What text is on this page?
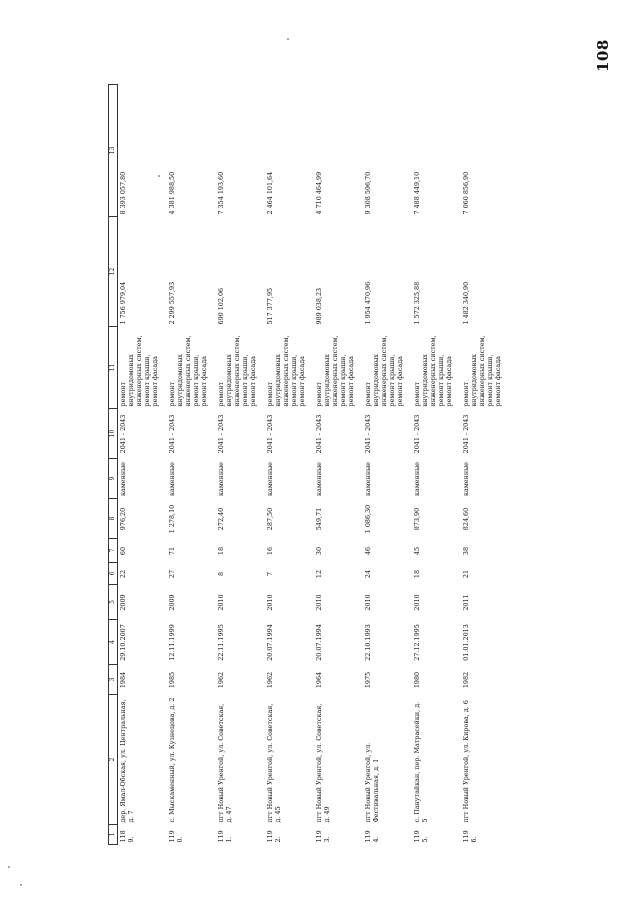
108
1	2	3	4	5	6	7	8	9	10	11	12	13
1189.	дер. Ямал-Обская, ул. Центральная, д. 7	1984	29.10.2007	2009	22	60	976,20	каменные	2041 - 2043	ремонт внутридомовых инженерных систем, ремонт крыши, ремонт фасада	1 756 979,04	8 393 057,80
1190.	с. Мыскаменный, ул. Кузнецова, д. 2	1985	12.11.1999	2009	27	71	1 278,10	каменные	2041 - 2043	ремонт внутридомовых инженерных систем, ремонт крыши, ремонт фасада	2 299 557,93	4 381 988,50
1191.	пгт Новый Уренгой, ул. Советская, д. 47	1962	22.11.1995	2010	8	18	272,40	каменные	2041 - 2043	ремонт внутридомовых инженерных систем, ремонт крыши, ремонт фасада	690 102,06	7 354 193,60
1192.	пгт Новый Уренгой, ул. Советская, д. 45	1962	20.07.1994	2010	7	16	287,50	каменные	2041 - 2043	ремонт внутридомовых инженерных систем, ремонт крыши, ремонт фасада	517 377,95	2 464 101,64
1193.	пгт Новый Уренгой, ул. Советская, д. 49	1964	20.07.1994	2010	12	30	549,71	каменные	2041 - 2043	ремонт внутридомовых инженерных систем, ремонт крыши, ремонт фасада	989 038,23	4 710 464,99
1194.	пгт Новый Уренгой, ул. Фестивальная, д. 1	1975	22.10.1993	2010	24	46	1 086,30	каменные	2041 - 2043	ремонт внутридомовых инженерных систем, ремонт крыши, ремонт фасада	1 954 470,96	9 308 596,70
1195.	с. Панутайкан, пер. Матрасейки, д. 5	1980	27.12.1995	2010	18	45	873,90	каменные	2041 - 2043	ремонт внутридомовых инженерных систем, ремонт крыши, ремонт фасада	1 572 325,88	7 488 449,10
1196.	пгт Новый Уренгой, ул. Кирова, д. 6	1982	01.01.2013	2011	21	38	824,60	каменные	2041 - 2043	ремонт внутридомовых инженерных систем, ремонт крыши, ремонт фасада	1 482 340,90	7 060 856,90
